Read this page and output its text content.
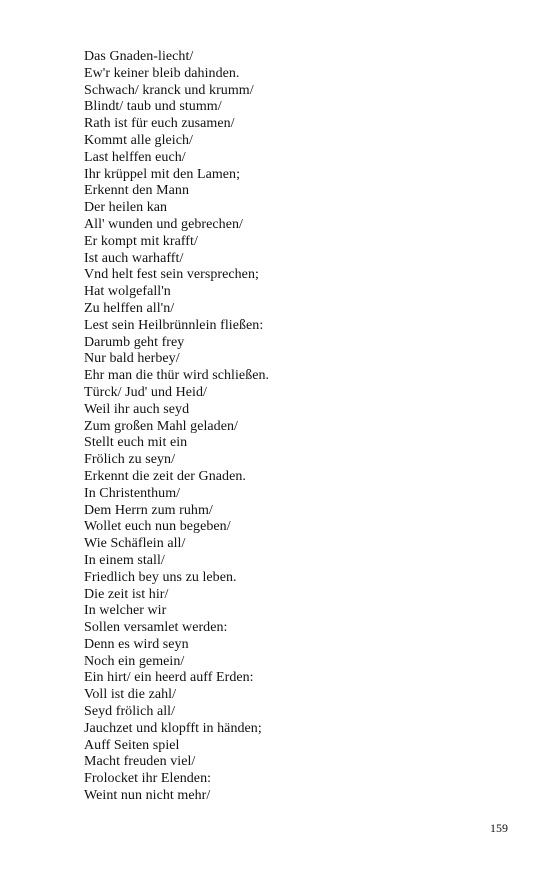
Das Gnaden-liecht/
Ew'r keiner bleib dahinden.
Schwach/ kranck und krumm/
Blindt/ taub und stumm/
Rath ist für euch zusamen/
Kommt alle gleich/
Last helffen euch/
Ihr krüppel mit den Lamen;
Erkennt den Mann
Der heilen kan
All' wunden und gebrechen/
Er kompt mit krafft/
Ist auch warhafft/
Vnd helt fest sein versprechen;
Hat wolgefall'n
Zu helffen all'n/
Lest sein Heilbrünnlein fließen:
Darumb geht frey
Nur bald herbey/
Ehr man die thür wird schließen.
Türck/ Jud' und Heid/
Weil ihr auch seyd
Zum großen Mahl geladen/
Stellt euch mit ein
Frölich zu seyn/
Erkennt die zeit der Gnaden.
In Christenthum/
Dem Herrn zum ruhm/
Wollet euch nun begeben/
Wie Schäflein all/
In einem stall/
Friedlich bey uns zu leben.
Die zeit ist hir/
In welcher wir
Sollen versamlet werden:
Denn es wird seyn
Noch ein gemein/
Ein hirt/ ein heerd auff Erden:
Voll ist die zahl/
Seyd frölich all/
Jauchzet und klopfft in händen;
Auff Seiten spiel
Macht freuden viel/
Frolocket ihr Elenden:
Weint nun nicht mehr/
159
